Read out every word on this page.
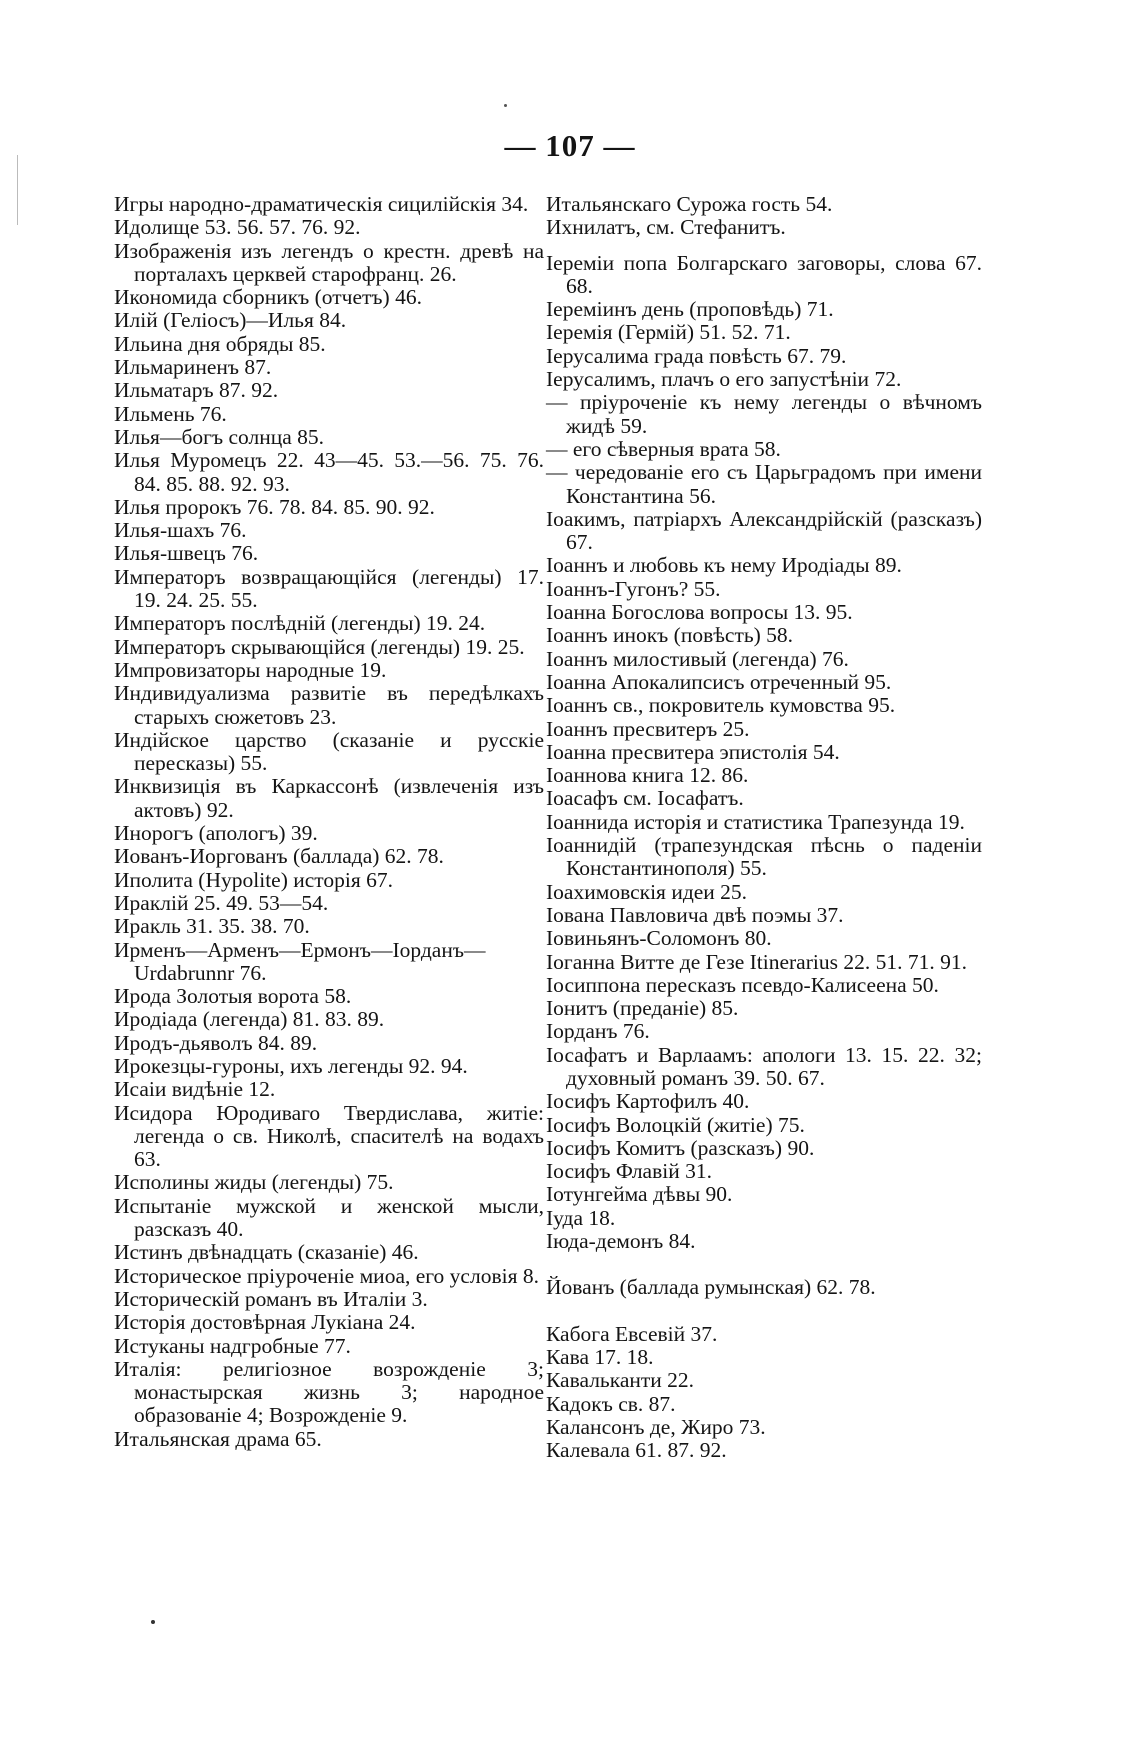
— 107 —

Игры народно-драматическія сицилійскія 34.

Идолище 53. 56. 57. 76. 92.

Изображенія изъ легендъ о крестн. древѣ на порталахъ церквей старофранц. 26.

Икономида сборникъ (отчетъ) 46.

Илій (Геліосъ)—Илья 84.

Ильина дня обряды 85.

Ильмариненъ 87.

Ильматаръ 87. 92.

Ильмень 76.

Илья—богъ солнца 85.

Илья Муромецъ 22. 43—45. 53.—56. 75. 76. 84. 85. 88. 92. 93.

Илья пророкъ 76. 78. 84. 85. 90. 92.

Илья-шахъ 76.

Илья-швецъ 76.

Императоръ возвращающійся (легенды) 17. 19. 24. 25. 55.

Императоръ послѣдній (легенды) 19. 24.

Императоръ скрывающійся (легенды) 19. 25.

Импровизаторы народные 19.

Индивидуализма развитіе въ передѣлкахъ старыхъ сюжетовъ 23.

Индійское царство (сказаніе и русскіе пересказы) 55.

Инквизиція въ Каркассонѣ (извлеченія изъ актовъ) 92.

Инорогъ (апологъ) 39.

Иованъ-Иоргованъ (баллада) 62. 78.

Иполита (Hypolite) исторія 67.

Ираклій 25. 49. 53—54.

Иракль 31. 35. 38. 70.

Ирменъ—Арменъ—Ермонъ—Іорданъ—Urdabrunnr 76.

Ирода Золотыя ворота 58.

Иродіада (легенда) 81. 83. 89.

Иродъ-дьяволъ 84. 89.

Ирокезцы-гуроны, ихъ легенды 92. 94.

Исаіи видѣніе 12.

Исидора Юродиваго Твердислава, житіе: легенда о св. Николѣ, спасителѣ на водахъ 63.

Исполины жиды (легенды) 75.

Испытаніе мужской и женской мысли, разсказъ 40.

Истинъ двѣнадцать (сказаніе) 46.

Историческое пріуроченіе миоа, его условія 8.

Историческій романъ въ Италіи 3.

Исторія достовѣрная Лукіана 24.

Истуканы надгробные 77.

Италія: религіозное возрожденіе 3; монастырская жизнь 3; народное образованіе 4; Возрожденіе 9.

Итальянская драма 65.

Итальянскаго Сурожа гость 54.

Ихнилатъ, см. Стефанитъ.

Іереміи попа Болгарскаго заговоры, слова 67. 68.

Іереміинъ день (проповѣдь) 71.

Іеремія (Гермій) 51. 52. 71.

Іерусалима града повѣсть 67. 79.

Іерусалимъ, плачъ о его запустѣніи 72.

— пріуроченіе къ нему легенды о вѣчномъ жидѣ 59.

— его сѣверныя врата 58.

— чередованіе его съ Царьградомъ при имени Константина 56.

Іоакимъ, патріархъ Александрійскій (разсказъ) 67.

Іоаннъ и любовь къ нему Иродіады 89.

Іоаннъ-Гугонъ? 55.

Іоанна Богослова вопросы 13. 95.

Іоаннъ инокъ (повѣсть) 58.

Іоаннъ милостивый (легенда) 76.

Іоанна Апокалипсисъ отреченный 95.

Іоаннъ св., покровитель кумовства 95.

Іоаннъ пресвитеръ 25.

Іоанна пресвитера эпистолія 54.

Іоаннова книга 12. 86.

Іоасафъ см. Іосафатъ.

Іоаннида исторія и статистика Трапезунда 19.

Іоаннидій (трапезундская пѣснь о паденіи Константинополя) 55.

Іоахимовскія идеи 25.

Іована Павловича двѣ поэмы 37.

Іовиньянъ-Соломонъ 80.

Іоганна Витте де Гезе Itinerarius 22. 51. 71. 91.

Іосиппона пересказъ псевдо-Калисеена 50.

Іонитъ (преданіе) 85.

Іорданъ 76.

Іосафатъ и Варлаамъ: апологи 13. 15. 22. 32; духовный романъ 39. 50. 67.

Іосифъ Картофилъ 40.

Іосифъ Волоцкій (житіе) 75.

Іосифъ Комитъ (разсказъ) 90.

Іосифъ Флавій 31.

Іотунгейма дѣвы 90.

Іуда 18.

Іюда-демонъ 84.

Йованъ (баллада румынская) 62. 78.

Кабога Евсевій 37.

Кава 17. 18.

Кавальканти 22.

Кадокъ св. 87.

Калансонъ де, Жиро 73.

Калевала 61. 87. 92.
